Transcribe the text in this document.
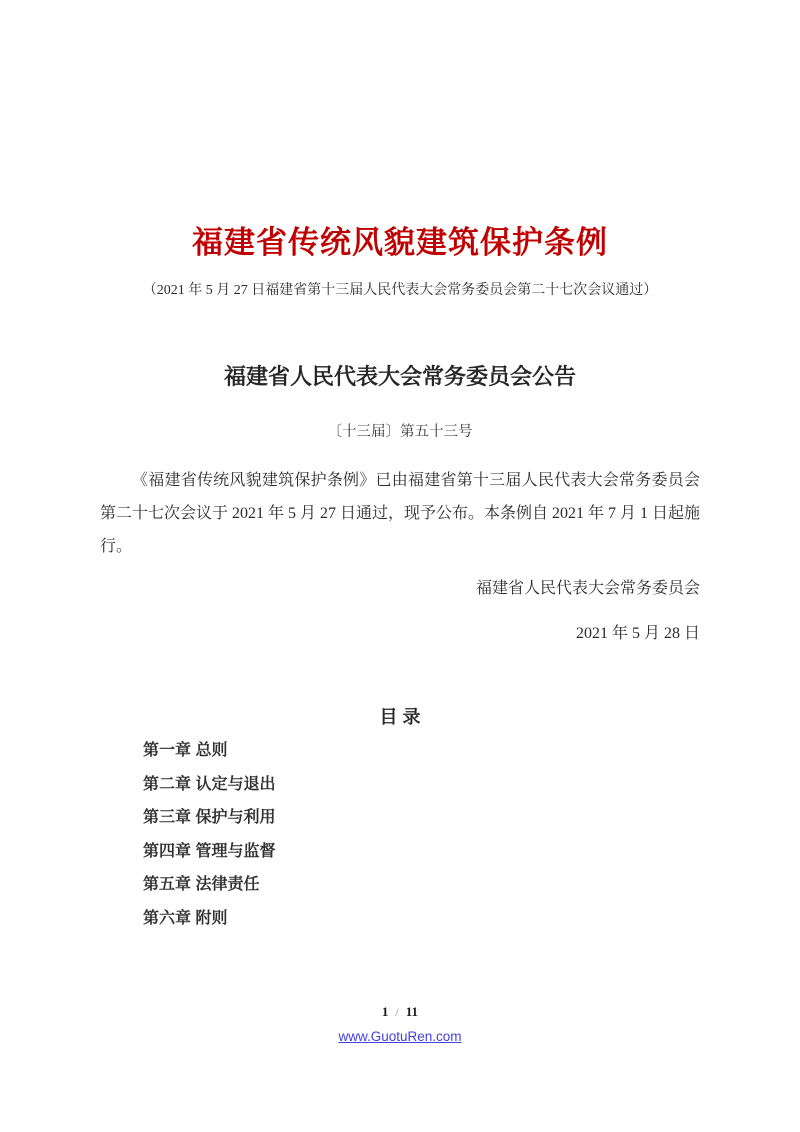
福建省传统风貌建筑保护条例
（2021 年 5 月 27 日福建省第十三届人民代表大会常务委员会第二十七次会议通过）
福建省人民代表大会常务委员会公告
〔十三届〕第五十三号
《福建省传统风貌建筑保护条例》已由福建省第十三届人民代表大会常务委员会第二十七次会议于 2021 年 5 月 27 日通过，现予公布。本条例自 2021 年 7 月 1 日起施行。
福建省人民代表大会常务委员会
2021 年 5 月 28 日
目 录
第一章 总则
第二章 认定与退出
第三章 保护与利用
第四章 管理与监督
第五章 法律责任
第六章 附则
1 / 11
www.GuotuRen.com
